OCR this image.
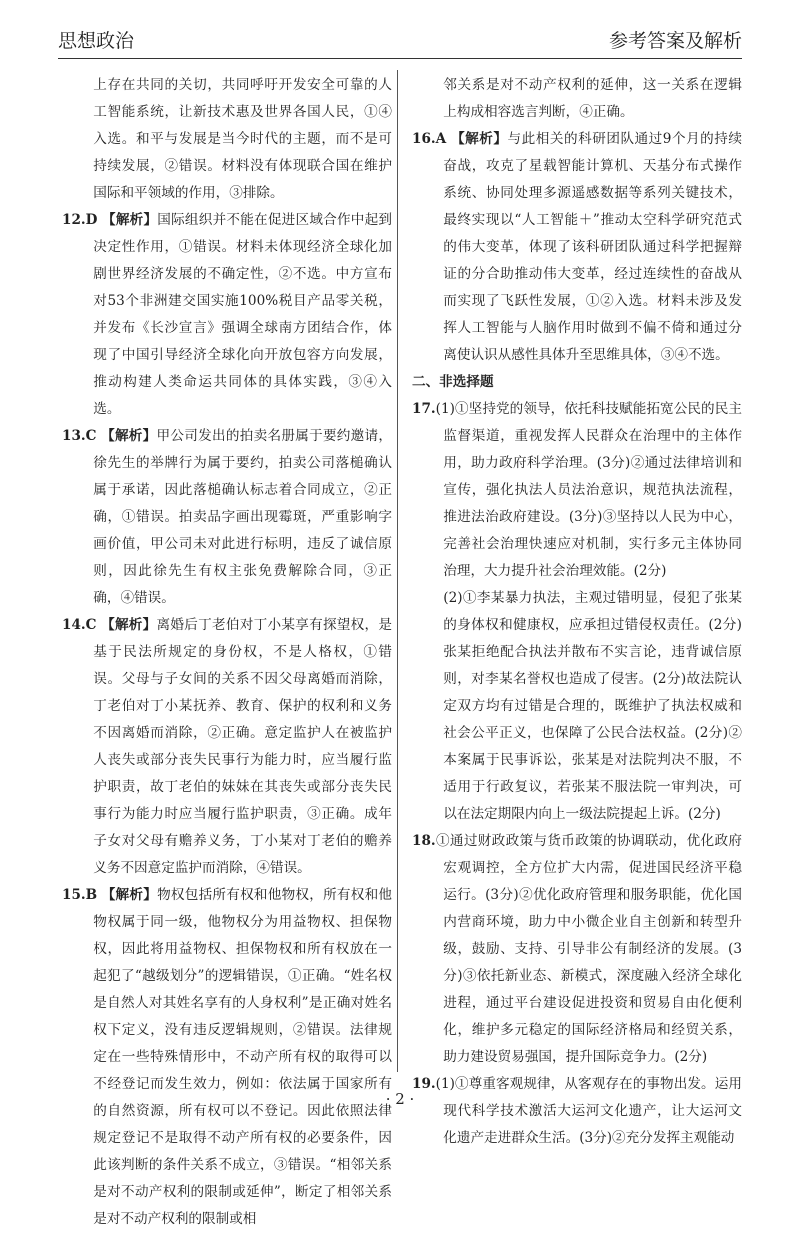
思想政治	参考答案及解析

上存在共同的关切，共同呼吁开发安全可靠的人工智能系统，让新技术惠及世界各国人民，①④入选。和平与发展是当今时代的主题，而不是可持续发展，②错误。材料没有体现联合国在维护国际和平领域的作用，③排除。

12.D 【解析】国际组织并不能在促进区域合作中起到决定性作用，①错误。材料未体现经济全球化加剧世界经济发展的不确定性，②不选。中方宣布对53个非洲建交国实施100%税目产品零关税，并发布《长沙宣言》强调全球南方团结合作，体现了中国引导经济全球化向开放包容方向发展，推动构建人类命运共同体的具体实践，③④入选。

13.C 【解析】甲公司发出的拍卖名册属于要约邀请，徐先生的举牌行为属于要约，拍卖公司落槌确认属于承诺，因此落槌确认标志着合同成立，②正确，①错误。拍卖品字画出现霉斑，严重影响字画价值，甲公司未对此进行标明，违反了诚信原则，因此徐先生有权主张免费解除合同，③正确，④错误。

14.C 【解析】离婚后丁老伯对丁小某享有探望权，是基于民法所规定的身份权，不是人格权，①错误。父母与子女间的关系不因父母离婚而消除，丁老伯对丁小某抚养、教育、保护的权利和义务不因离婚而消除，②正确。意定监护人在被监护人丧失或部分丧失民事行为能力时，应当履行监护职责，故丁老伯的妹妹在其丧失或部分丧失民事行为能力时应当履行监护职责，③正确。成年子女对父母有赡养义务，丁小某对丁老伯的赡养义务不因意定监护而消除，④错误。

15.B 【解析】物权包括所有权和他物权，所有权和他物权属于同一级，他物权分为用益物权、担保物权，因此将用益物权、担保物权和所有权放在一起犯了“越级划分”的逻辑错误，①正确。“姓名权是自然人对其姓名享有的人身权利”是正确对姓名权下定义，没有违反逻辑规则，②错误。法律规定在一些特殊情形中，不动产所有权的取得可以不经登记而发生效力，例如：依法属于国家所有的自然资源，所有权可以不登记。因此依照法律规定登记不是取得不动产所有权的必要条件，因此该判断的条件关系不成立，③错误。“相邻关系是对不动产权利的限制或延伸”，断定了相邻关系是对不动产权利的限制或相

邻关系是对不动产权利的延伸，这一关系在逻辑上构成相容选言判断，④正确。

16.A 【解析】与此相关的科研团队通过9个月的持续奋战，攻克了星载智能计算机、天基分布式操作系统、协同处理多源遥感数据等系列关键技术，最终实现以“人工智能＋”推动太空科学研究范式的伟大变革，体现了该科研团队通过科学把握辩证的分合助推动伟大变革，经过连续性的奋战从而实现了飞跃性发展，①②入选。材料未涉及发挥人工智能与人脑作用时做到不偏不倚和通过分离使认识从感性具体升至思维具体，③④不选。

二、非选择题

17.(1)①坚持党的领导，依托科技赋能拓宽公民的民主监督渠道，重视发挥人民群众在治理中的主体作用，助力政府科学治理。(3分)②通过法律培训和宣传，强化执法人员法治意识，规范执法流程，推进法治政府建设。(3分)③坚持以人民为中心，完善社会治理快速应对机制，实行多元主体协同治理，大力提升社会治理效能。(2分)

(2)①李某暴力执法，主观过错明显，侵犯了张某的身体权和健康权，应承担过错侵权责任。(2分)张某拒绝配合执法并散布不实言论，违背诚信原则，对李某名誉权也造成了侵害。(2分)故法院认定双方均有过错是合理的，既维护了执法权威和社会公平正义，也保障了公民合法权益。(2分)②本案属于民事诉讼，张某是对法院判决不服，不适用于行政复议，若张某不服法院一审判决，可以在法定期限内向上一级法院提起上诉。(2分)

18.①通过财政政策与货币政策的协调联动，优化政府宏观调控，全方位扩大内需，促进国民经济平稳运行。(3分)②优化政府管理和服务职能，优化国内营商环境，助力中小微企业自主创新和转型升级，鼓励、支持、引导非公有制经济的发展。(3分)③依托新业态、新模式，深度融入经济全球化进程，通过平台建设促进投资和贸易自由化便利化，维护多元稳定的国际经济格局和经贸关系，助力建设贸易强国，提升国际竞争力。(2分)

19.(1)①尊重客观规律，从客观存在的事物出发。运用现代科学技术激活大运河文化遗产，让大运河文化遗产走进群众生活。(3分)②充分发挥主观能动

· 2 ·
